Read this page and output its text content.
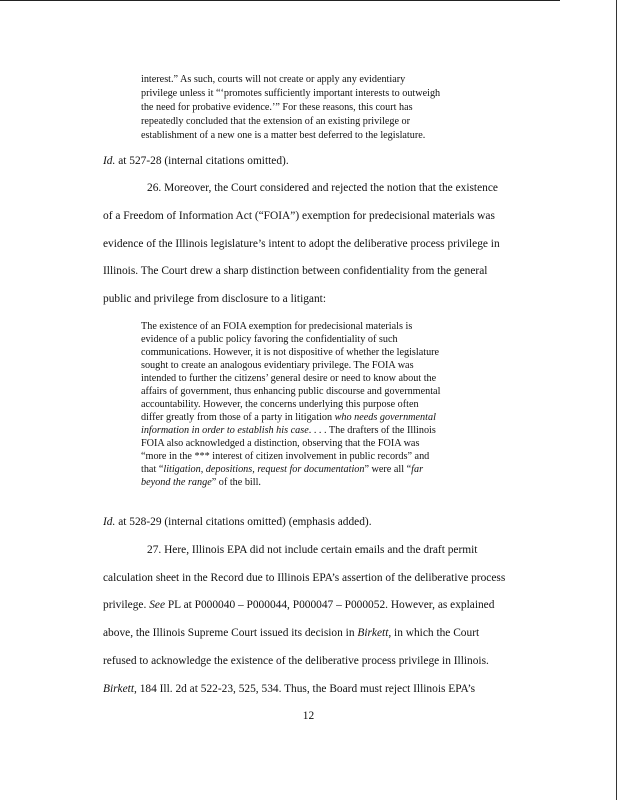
interest.” As such, courts will not create or apply any evidentiary
privilege unless it “‘promotes sufficiently important interests to outweigh
the need for probative evidence.’” For these reasons, this court has
repeatedly concluded that the extension of an existing privilege or
establishment of a new one is a matter best deferred to the legislature.
Id. at 527-28 (internal citations omitted).
26. Moreover, the Court considered and rejected the notion that the existence
of a Freedom of Information Act (“FOIA”) exemption for predecisional materials was
evidence of the Illinois legislature’s intent to adopt the deliberative process privilege in
Illinois. The Court drew a sharp distinction between confidentiality from the general
public and privilege from disclosure to a litigant:
The existence of an FOIA exemption for predecisional materials is
evidence of a public policy favoring the confidentiality of such
communications. However, it is not dispositive of whether the legislature
sought to create an analogous evidentiary privilege. The FOIA was
intended to further the citizens’ general desire or need to know about the
affairs of government, thus enhancing public discourse and governmental
accountability. However, the concerns underlying this purpose often
differ greatly from those of a party in litigation who needs governmental
information in order to establish his case. . . . The drafters of the Illinois
FOIA also acknowledged a distinction, observing that the FOIA was
“more in the *** interest of citizen involvement in public records” and
that “litigation, depositions, request for documentation” were all “far
beyond the range” of the bill.
Id. at 528-29 (internal citations omitted) (emphasis added).
27. Here, Illinois EPA did not include certain emails and the draft permit
calculation sheet in the Record due to Illinois EPA’s assertion of the deliberative process
privilege. See PL at P000040 – P000044, P000047 – P000052. However, as explained
above, the Illinois Supreme Court issued its decision in Birkett, in which the Court
refused to acknowledge the existence of the deliberative process privilege in Illinois.
Birkett, 184 Ill. 2d at 522-23, 525, 534. Thus, the Board must reject Illinois EPA’s
12
